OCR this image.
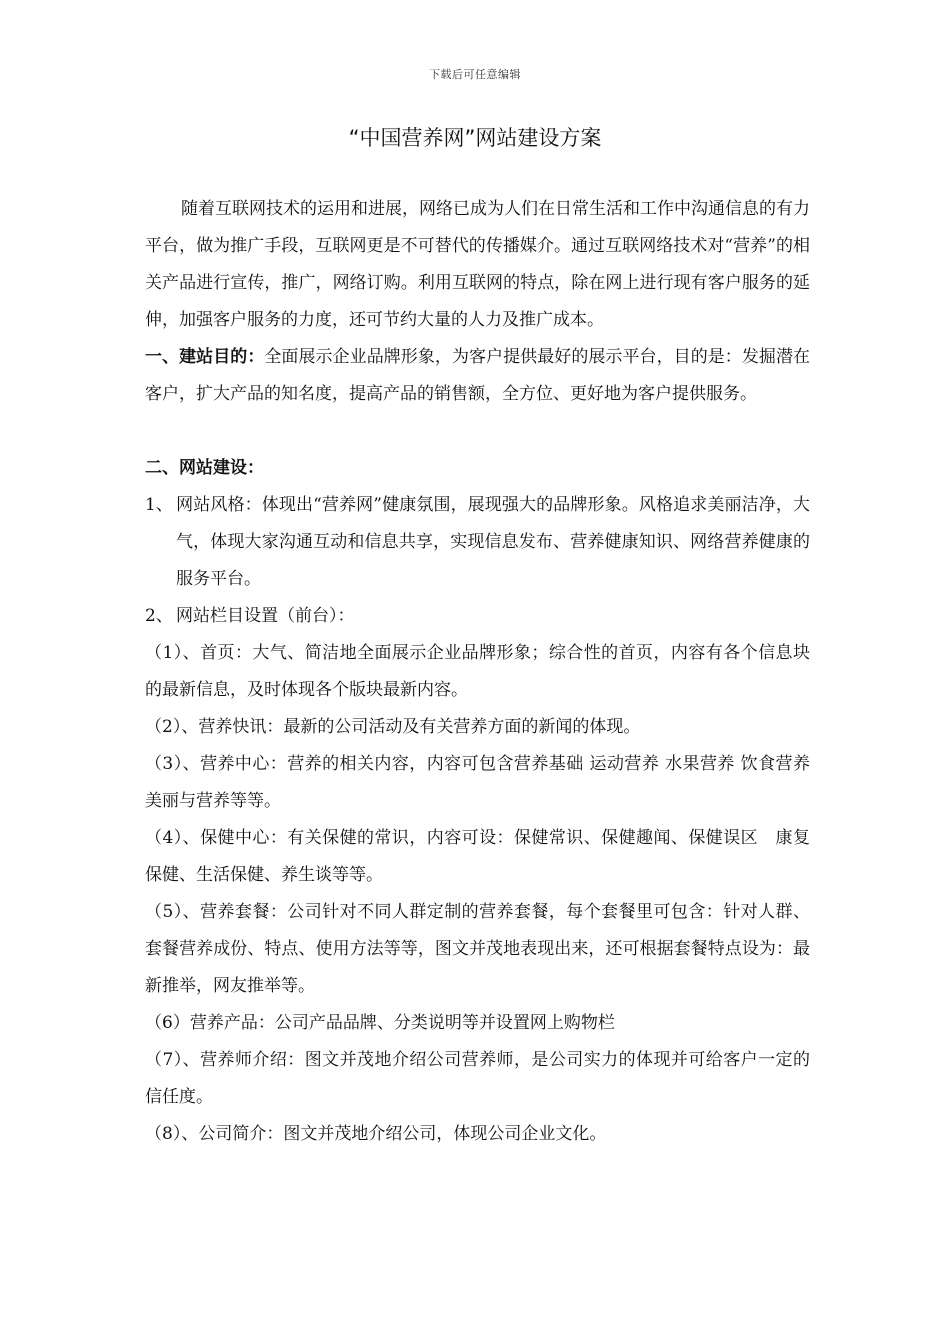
下载后可任意编辑
“中国营养网”网站建设方案

随着互联网技术的运用和进展，网络已成为人们在日常生活和工作中沟通信息的有力平台，做为推广手段，互联网更是不可替代的传播媒介。通过互联网络技术对“营养”的相关产品进行宣传，推广，网络订购。利用互联网的特点，除在网上进行现有客户服务的延伸，加强客户服务的力度，还可节约大量的人力及推广成本。

一、建站目的：全面展示企业品牌形象，为客户提供最好的展示平台，目的是：发掘潜在客户，扩大产品的知名度，提高产品的销售额，全方位、更好地为客户提供服务。

二、网站建设：

1、 网站风格：体现出“营养网”健康氛围，展现强大的品牌形象。风格追求美丽洁净，大气，体现大家沟通互动和信息共享，实现信息发布、营养健康知识、网络营养健康的服务平台。

2、 网站栏目设置（前台）：

（1）、首页：大气、简洁地全面展示企业品牌形象；综合性的首页，内容有各个信息块的最新信息，及时体现各个版块最新内容。

（2）、营养快讯：最新的公司活动及有关营养方面的新闻的体现。

（3）、营养中心：营养的相关内容，内容可包含营养基础 运动营养 水果营养 饮食营养 美丽与营养等等。

（4）、保健中心：有关保健的常识，内容可设：保健常识、保健趣闻、保健误区　康复保健、生活保健、养生谈等等。

（5）、营养套餐：公司针对不同人群定制的营养套餐，每个套餐里可包含：针对人群、套餐营养成份、特点、使用方法等等，图文并茂地表现出来，还可根据套餐特点设为：最新推举，网友推举等。

（6）营养产品：公司产品品牌、分类说明等并设置网上购物栏

（7）、营养师介绍：图文并茂地介绍公司营养师，是公司实力的体现并可给客户一定的信任度。

（8）、公司简介：图文并茂地介绍公司，体现公司企业文化。
